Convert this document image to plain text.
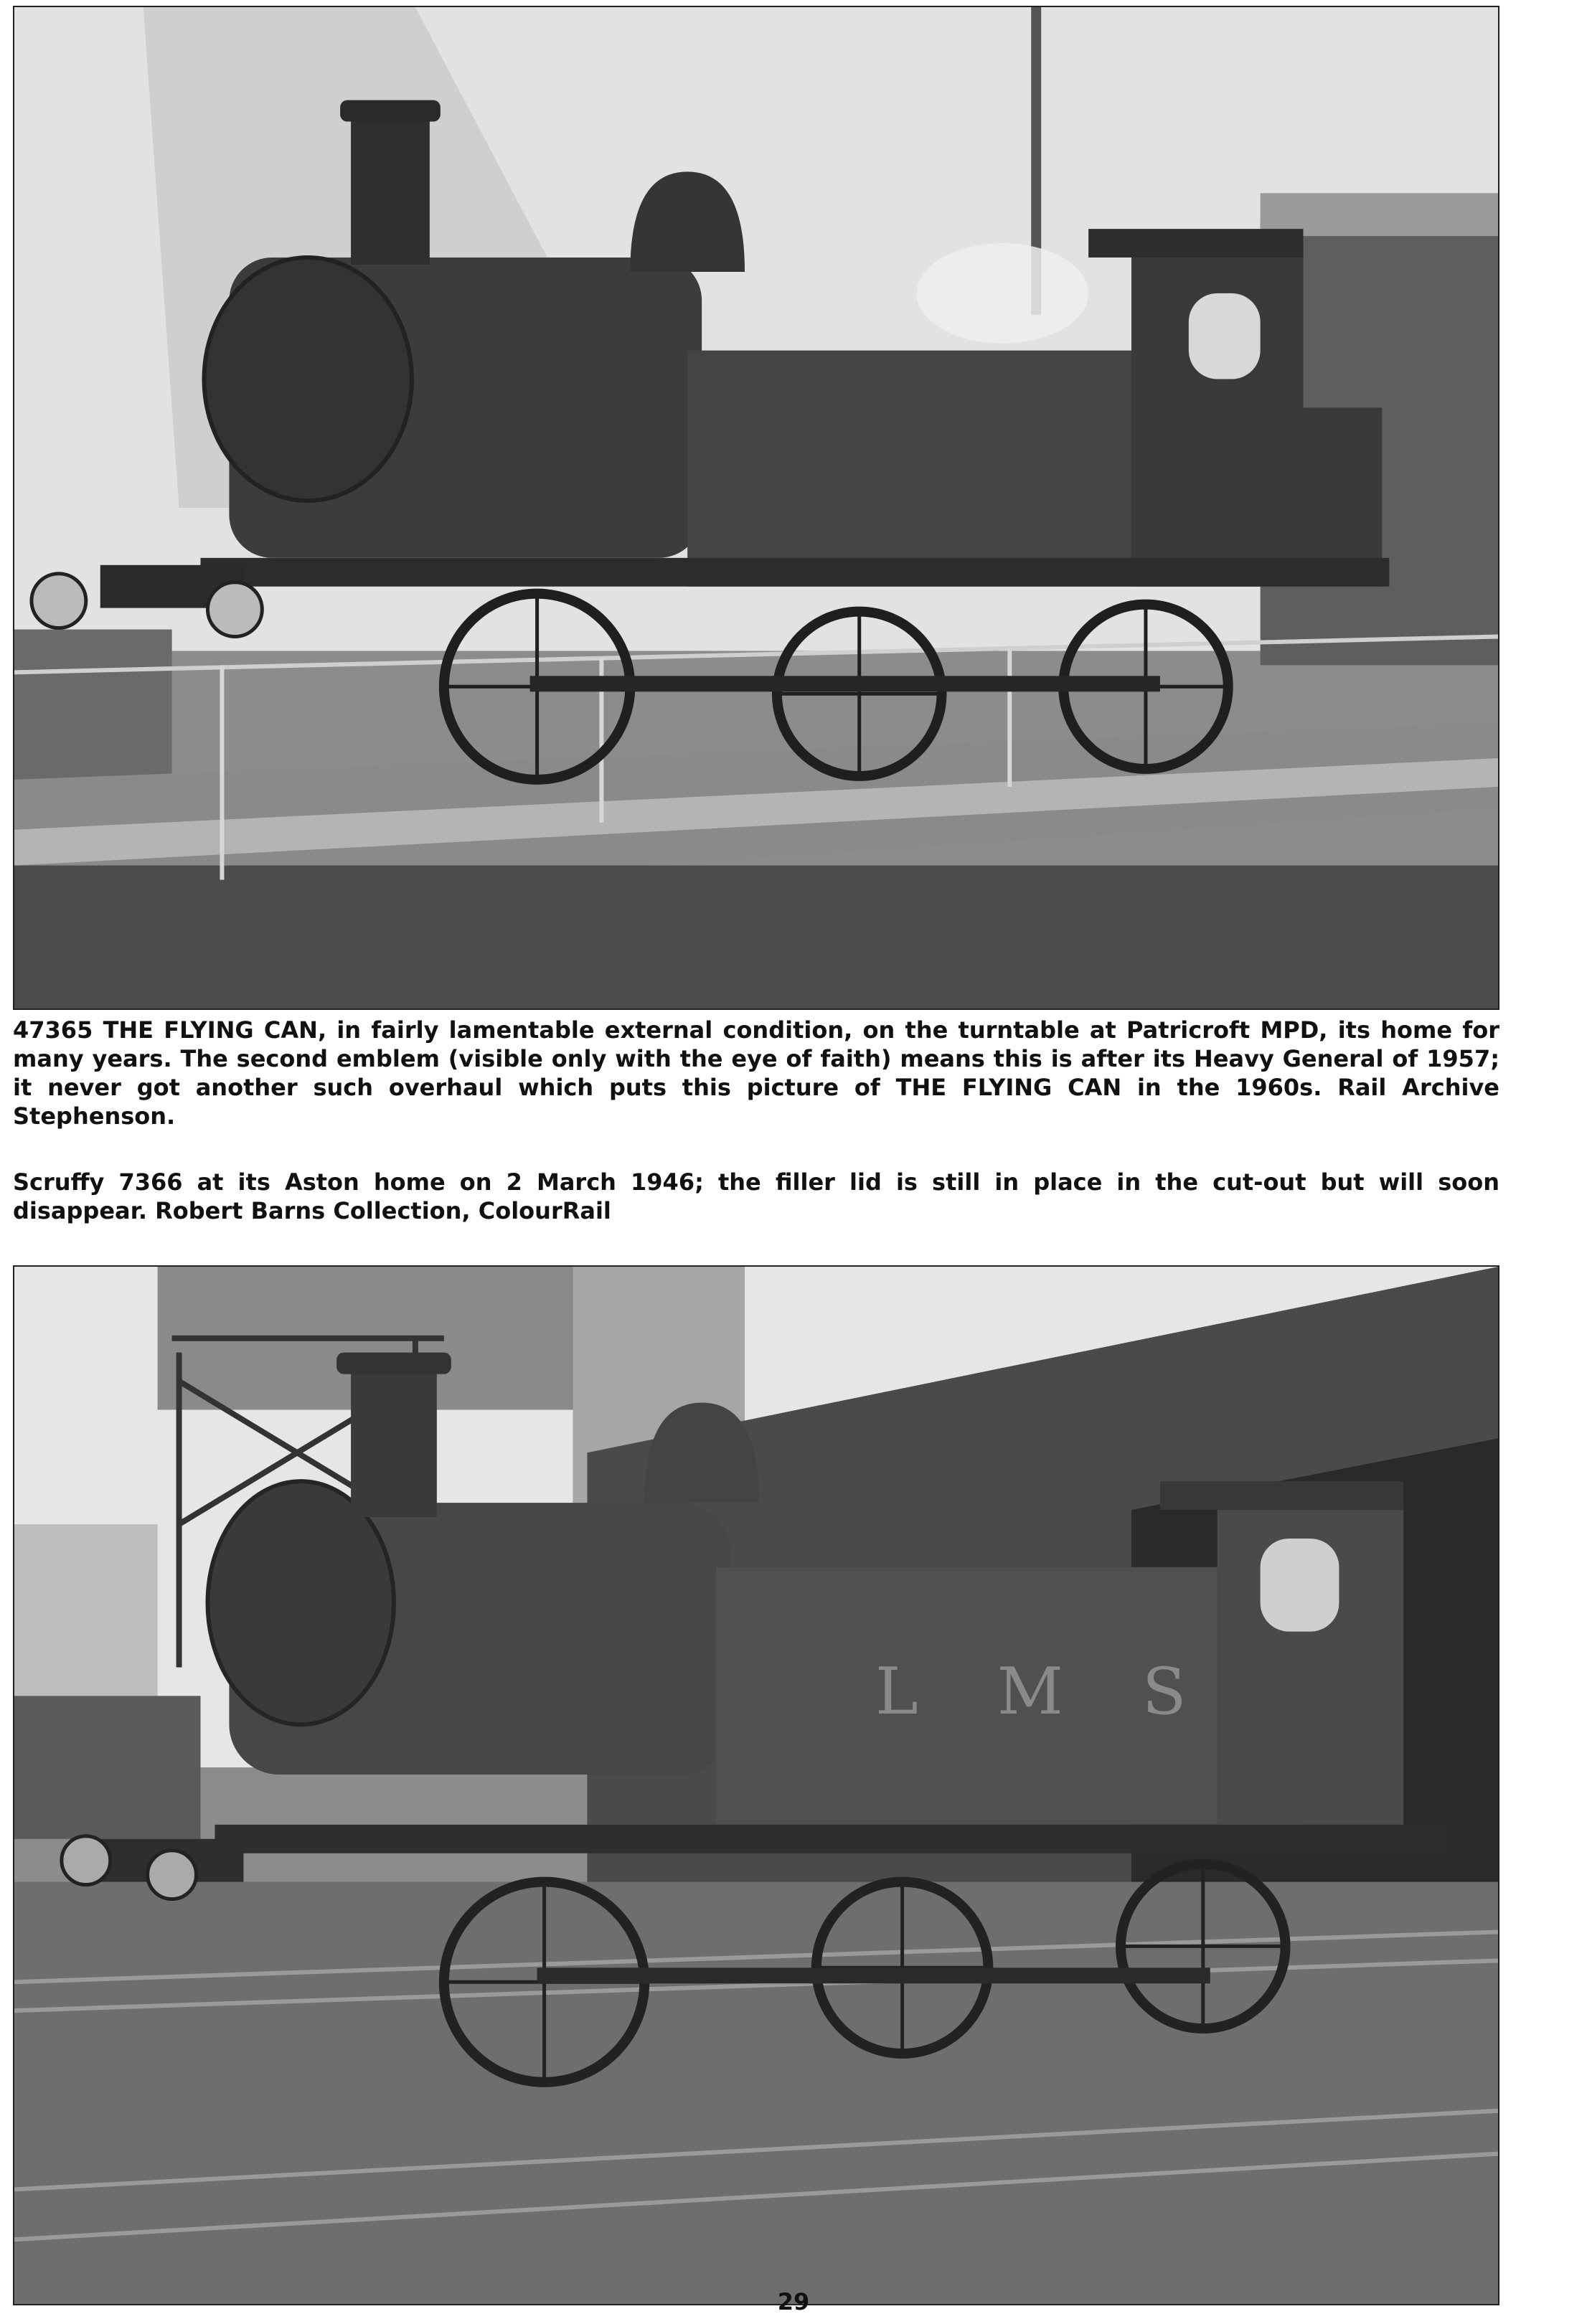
47365 THE FLYING CAN, in fairly lamentable external condition, on the turntable at Patricroft MPD, its home for many years. The second emblem (visible only with the eye of faith) means this is after its Heavy General of 1957; it never got another such overhaul which puts this picture of THE FLYING CAN in the 1960s. Rail Archive Stephenson.

Scruffy 7366 at its Aston home on 2 March 1946; the filler lid is still in place in the cut-out but will soon disappear. Robert Barns Collection, ColourRail

L M S
29
